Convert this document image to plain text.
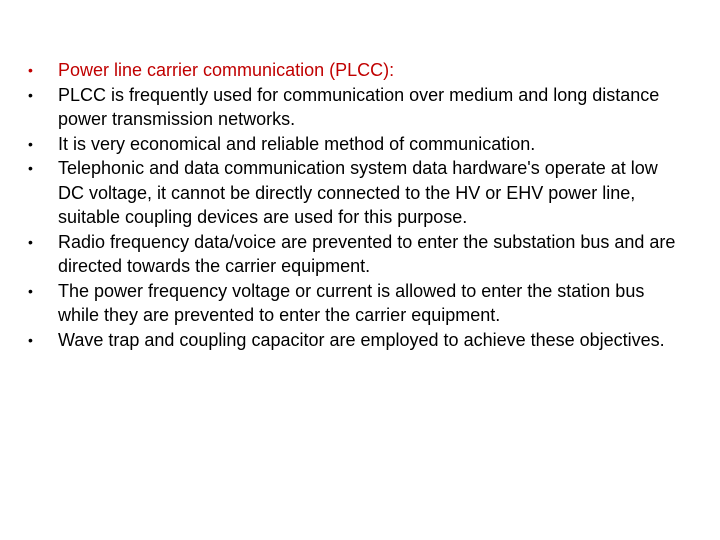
•	Power line carrier communication (PLCC):
•	PLCC is frequently used for communication over medium and long distance power transmission networks.
•	It is very economical and reliable method of communication.
•	Telephonic and data communication system data hardware's operate at low DC voltage, it cannot be directly connected to the HV or EHV power line, suitable coupling devices are used for this purpose.
•	Radio frequency data/voice are prevented to enter the substation bus and are directed towards the carrier equipment.
•	The power frequency voltage or current is allowed to enter the station bus while they are prevented to enter the carrier equipment.
•	Wave trap and coupling capacitor are employed to achieve these objectives.
